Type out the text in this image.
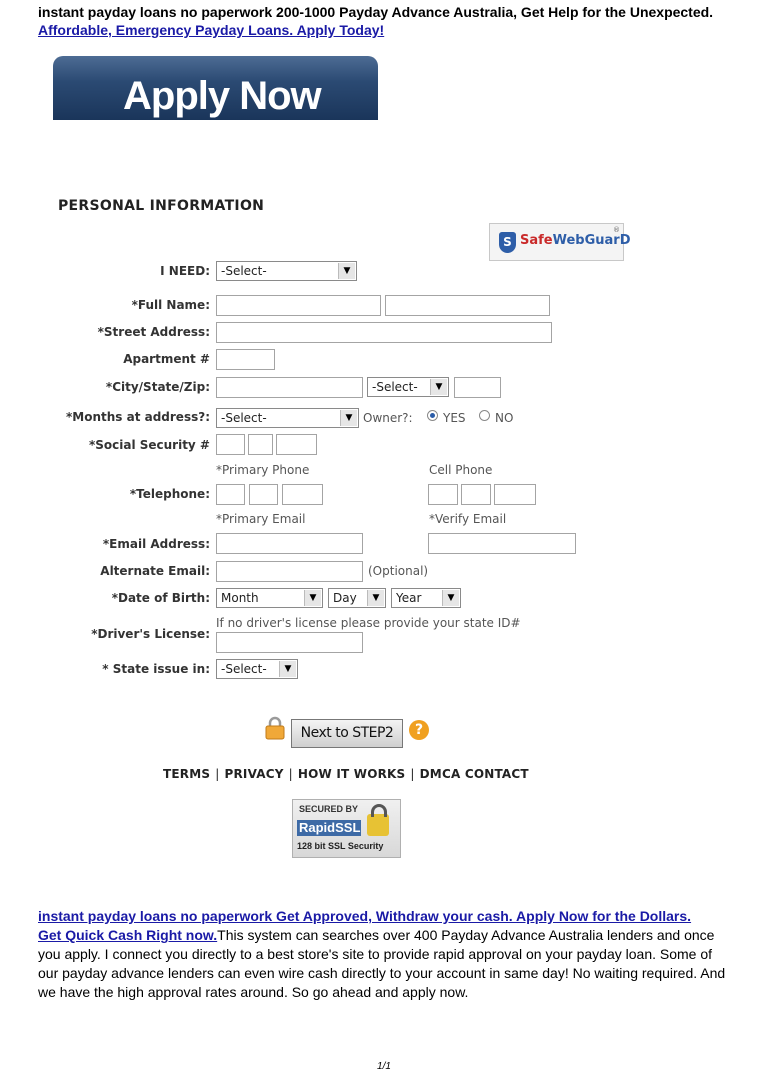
instant payday loans no paperwork 200-1000 Payday Advance Australia, Get Help for the Unexpected.
Affordable, Emergency Payday Loans. Apply Today!
Apply Now
PERSONAL INFORMATION
S SafeWebGuarD
®
I NEED: -Select-	▼
*Full Name:
*Street Address:
Apartment #
*City/State/Zip:	-Select-	▼
*Months at address?: -Select-	▼ Owner?:	YES NO
*Social Security #
*Primary Phone	Cell Phone
*Telephone:
*Primary Email	*Verify Email
*Email Address:
Alternate Email:	(Optional)
*Date of Birth: Month	▼	Day	▼	Year	▼
If no driver's license please provide your state ID#
*Driver's License:
* State issue in: -Select-	▼
Next to STEP2	?
TERMS | PRIVACY | HOW IT WORKS | DMCA CONTACT
SECURED BY
RapidSSL
128 bit SSL Security
instant payday loans no paperwork Get Approved, Withdraw your cash. Apply Now for the Dollars.
Get Quick Cash Right now.This system can searches over 400 Payday Advance Australia lenders and once you apply. I connect you directly to a best store's site to provide rapid approval on your payday loan. Some of our payday advance lenders can even wire cash directly to your account in same day! No waiting required. And we have the high approval rates around. So go ahead and apply now.
1/1
